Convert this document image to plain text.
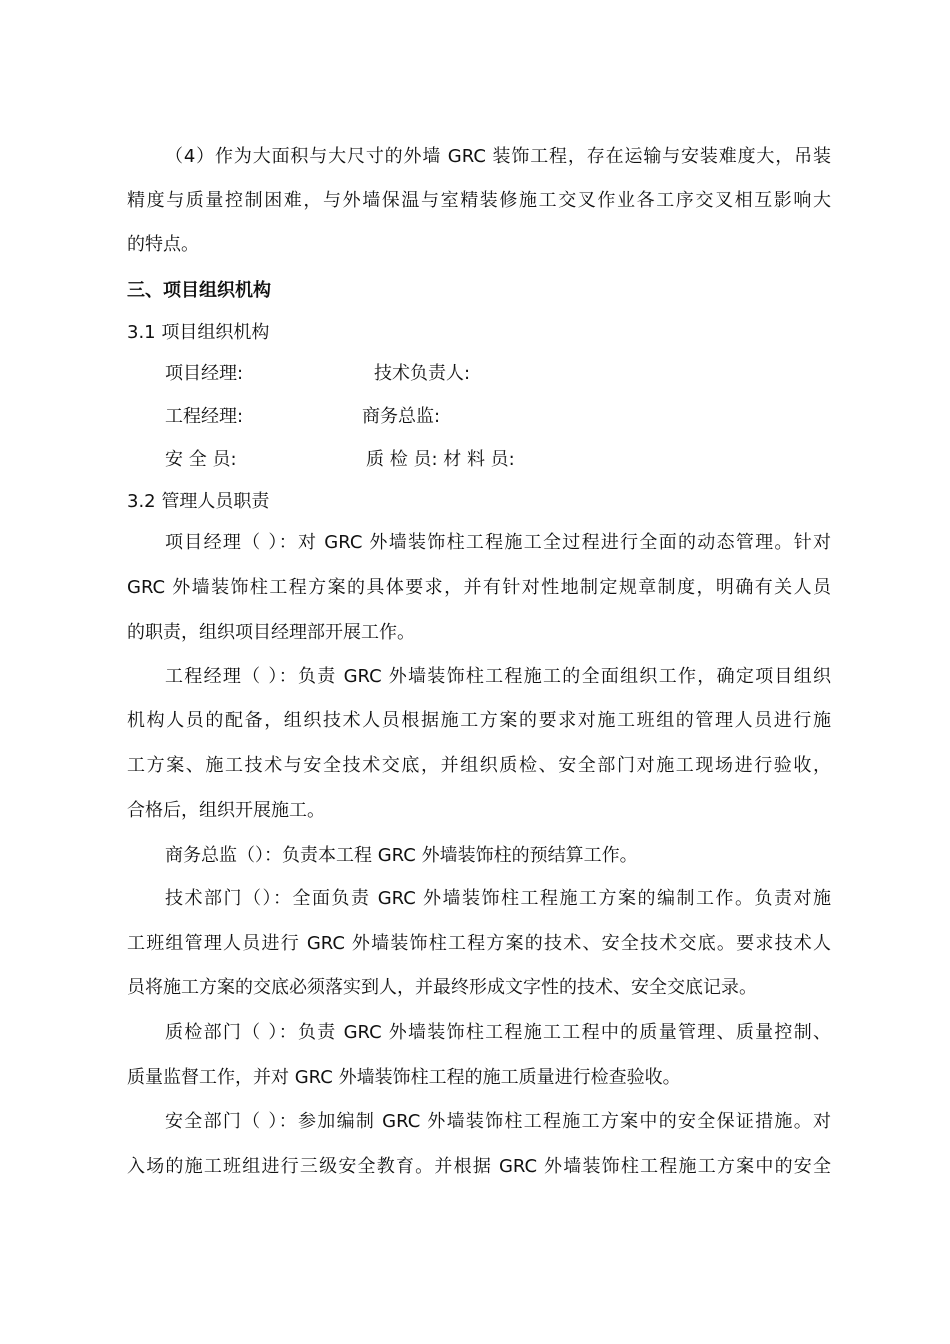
（4）作为大面积与大尺寸的外墙 GRC 装饰工程，存在运输与安装难度大，吊装
精度与质量控制困难，与外墙保温与室精装修施工交叉作业各工序交叉相互影响大
的特点。
三、项目组织机构
3.1 项目组织机构
项目经理:	技术负责人:
工程经理:	商务总监:
安 全 员:	质 检 员: 材 料 员:
3.2 管理人员职责
项目经理（ ）：对 GRC 外墙装饰柱工程施工全过程进行全面的动态管理。针对
GRC 外墙装饰柱工程方案的具体要求，并有针对性地制定规章制度，明确有关人员
的职责，组织项目经理部开展工作。
工程经理（ ）：负责 GRC 外墙装饰柱工程施工的全面组织工作，确定项目组织
机构人员的配备，组织技术人员根据施工方案的要求对施工班组的管理人员进行施
工方案、施工技术与安全技术交底，并组织质检、安全部门对施工现场进行验收，
合格后，组织开展施工。
商务总监（）：负责本工程 GRC 外墙装饰柱的预结算工作。
技术部门（）：全面负责 GRC 外墙装饰柱工程施工方案的编制工作。负责对施
工班组管理人员进行 GRC 外墙装饰柱工程方案的技术、安全技术交底。要求技术人
员将施工方案的交底必须落实到人，并最终形成文字性的技术、安全交底记录。
质检部门（ ）：负责 GRC 外墙装饰柱工程施工工程中的质量管理、质量控制、
质量监督工作，并对 GRC 外墙装饰柱工程的施工质量进行检查验收。
安全部门（ ）：参加编制 GRC 外墙装饰柱工程施工方案中的安全保证措施。对
入场的施工班组进行三级安全教育。并根据 GRC 外墙装饰柱工程施工方案中的安全
